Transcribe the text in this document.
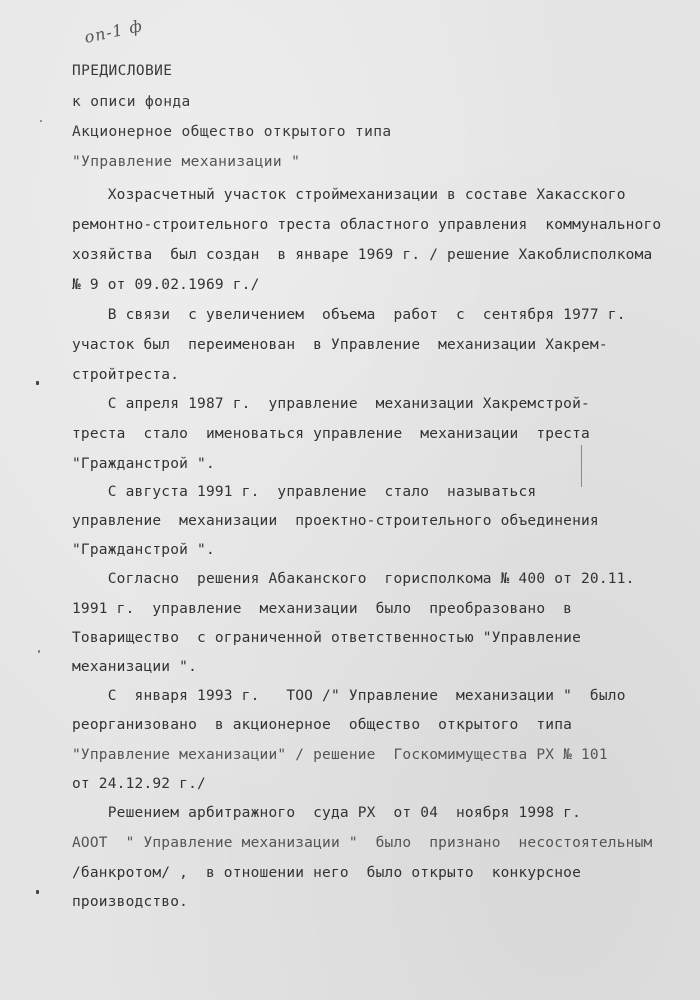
оп-1 ф
ПРЕДИСЛОВИЕ
к описи фонда
Акционерное общество открытого типа
"Управление механизации "
Хозрасчетный участок строймеханизации в составе Хакасского
ремонтно-строительного треста областного управления  коммунального
хозяйства  был создан  в январе 1969 г. / решение Хакоблисполкома
№ 9 от 09.02.1969 г./
В связи  с увеличением  объема  работ  с  сентября 1977 г.
участок был  переименован  в Управление  механизации Хакрем-
стройтреста.
С апреля 1987 г.  управление  механизации Хакремстрой-
треста  стало  именоваться управление  механизации  треста
"Гражданстрой ".
С августа 1991 г.  управление  стало  называться
управление  механизации  проектно-строительного объединения
"Гражданстрой ".
Согласно  решения Абаканского  горисполкома № 400 от 20.11.
1991 г.  управление  механизации  было  преобразовано  в
Товарищество  с ограниченной ответственностью "Управление
механизации ".
С  января 1993 г.   ТОО /" Управление  механизации "  было
реорганизовано  в акционерное  общество  открытого  типа
"Управление механизации" / решение  Госкомимущества РХ № 101
от 24.12.92 г./
Решением арбитражного  суда РХ  от 04  ноября 1998 г.
АООТ  " Управление механизации "  было  признано  несостоятельным
/банкротом/ ,  в отношении него  было открыто  конкурсное
производство.
